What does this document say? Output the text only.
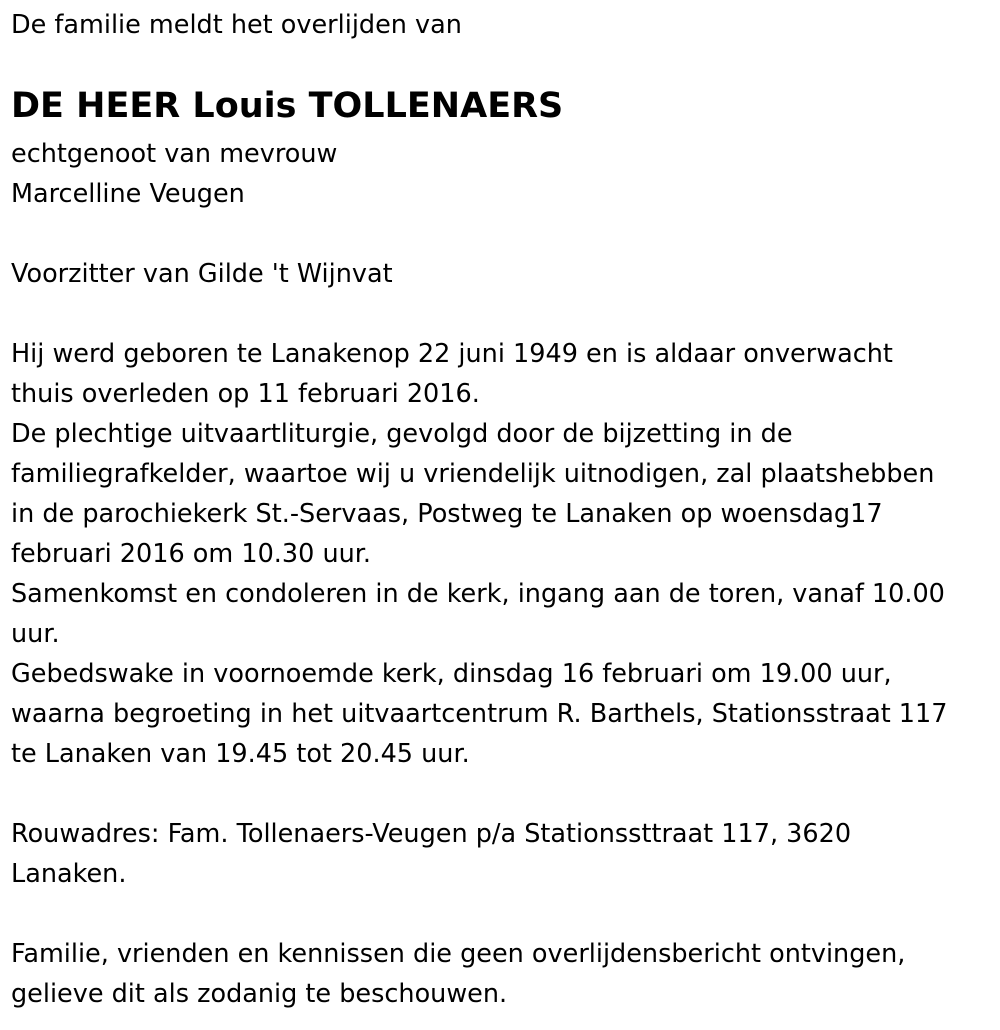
De familie meldt het overlijden van
DE HEER Louis TOLLENAERS
echtgenoot van mevrouw
Marcelline Veugen
Voorzitter van Gilde 't Wijnvat
Hij werd geboren te Lanakenop 22 juni 1949 en is aldaar onverwacht
thuis overleden op 11 februari 2016.
De plechtige uitvaartliturgie, gevolgd door de bijzetting in de
familiegrafkelder, waartoe wij u vriendelijk uitnodigen, zal plaatshebben
in de parochiekerk St.-Servaas, Postweg te Lanaken op woensdag17
februari 2016 om 10.30 uur.
Samenkomst en condoleren in de kerk, ingang aan de toren, vanaf 10.00
uur.
Gebedswake in voornoemde kerk, dinsdag 16 februari om 19.00 uur,
waarna begroeting in het uitvaartcentrum R. Barthels, Stationsstraat 117
te Lanaken van 19.45 tot 20.45 uur.
Rouwadres: Fam. Tollenaers-Veugen p/a Stationssttraat 117, 3620
Lanaken.
Familie, vrienden en kennissen die geen overlijdensbericht ontvingen,
gelieve dit als zodanig te beschouwen.
